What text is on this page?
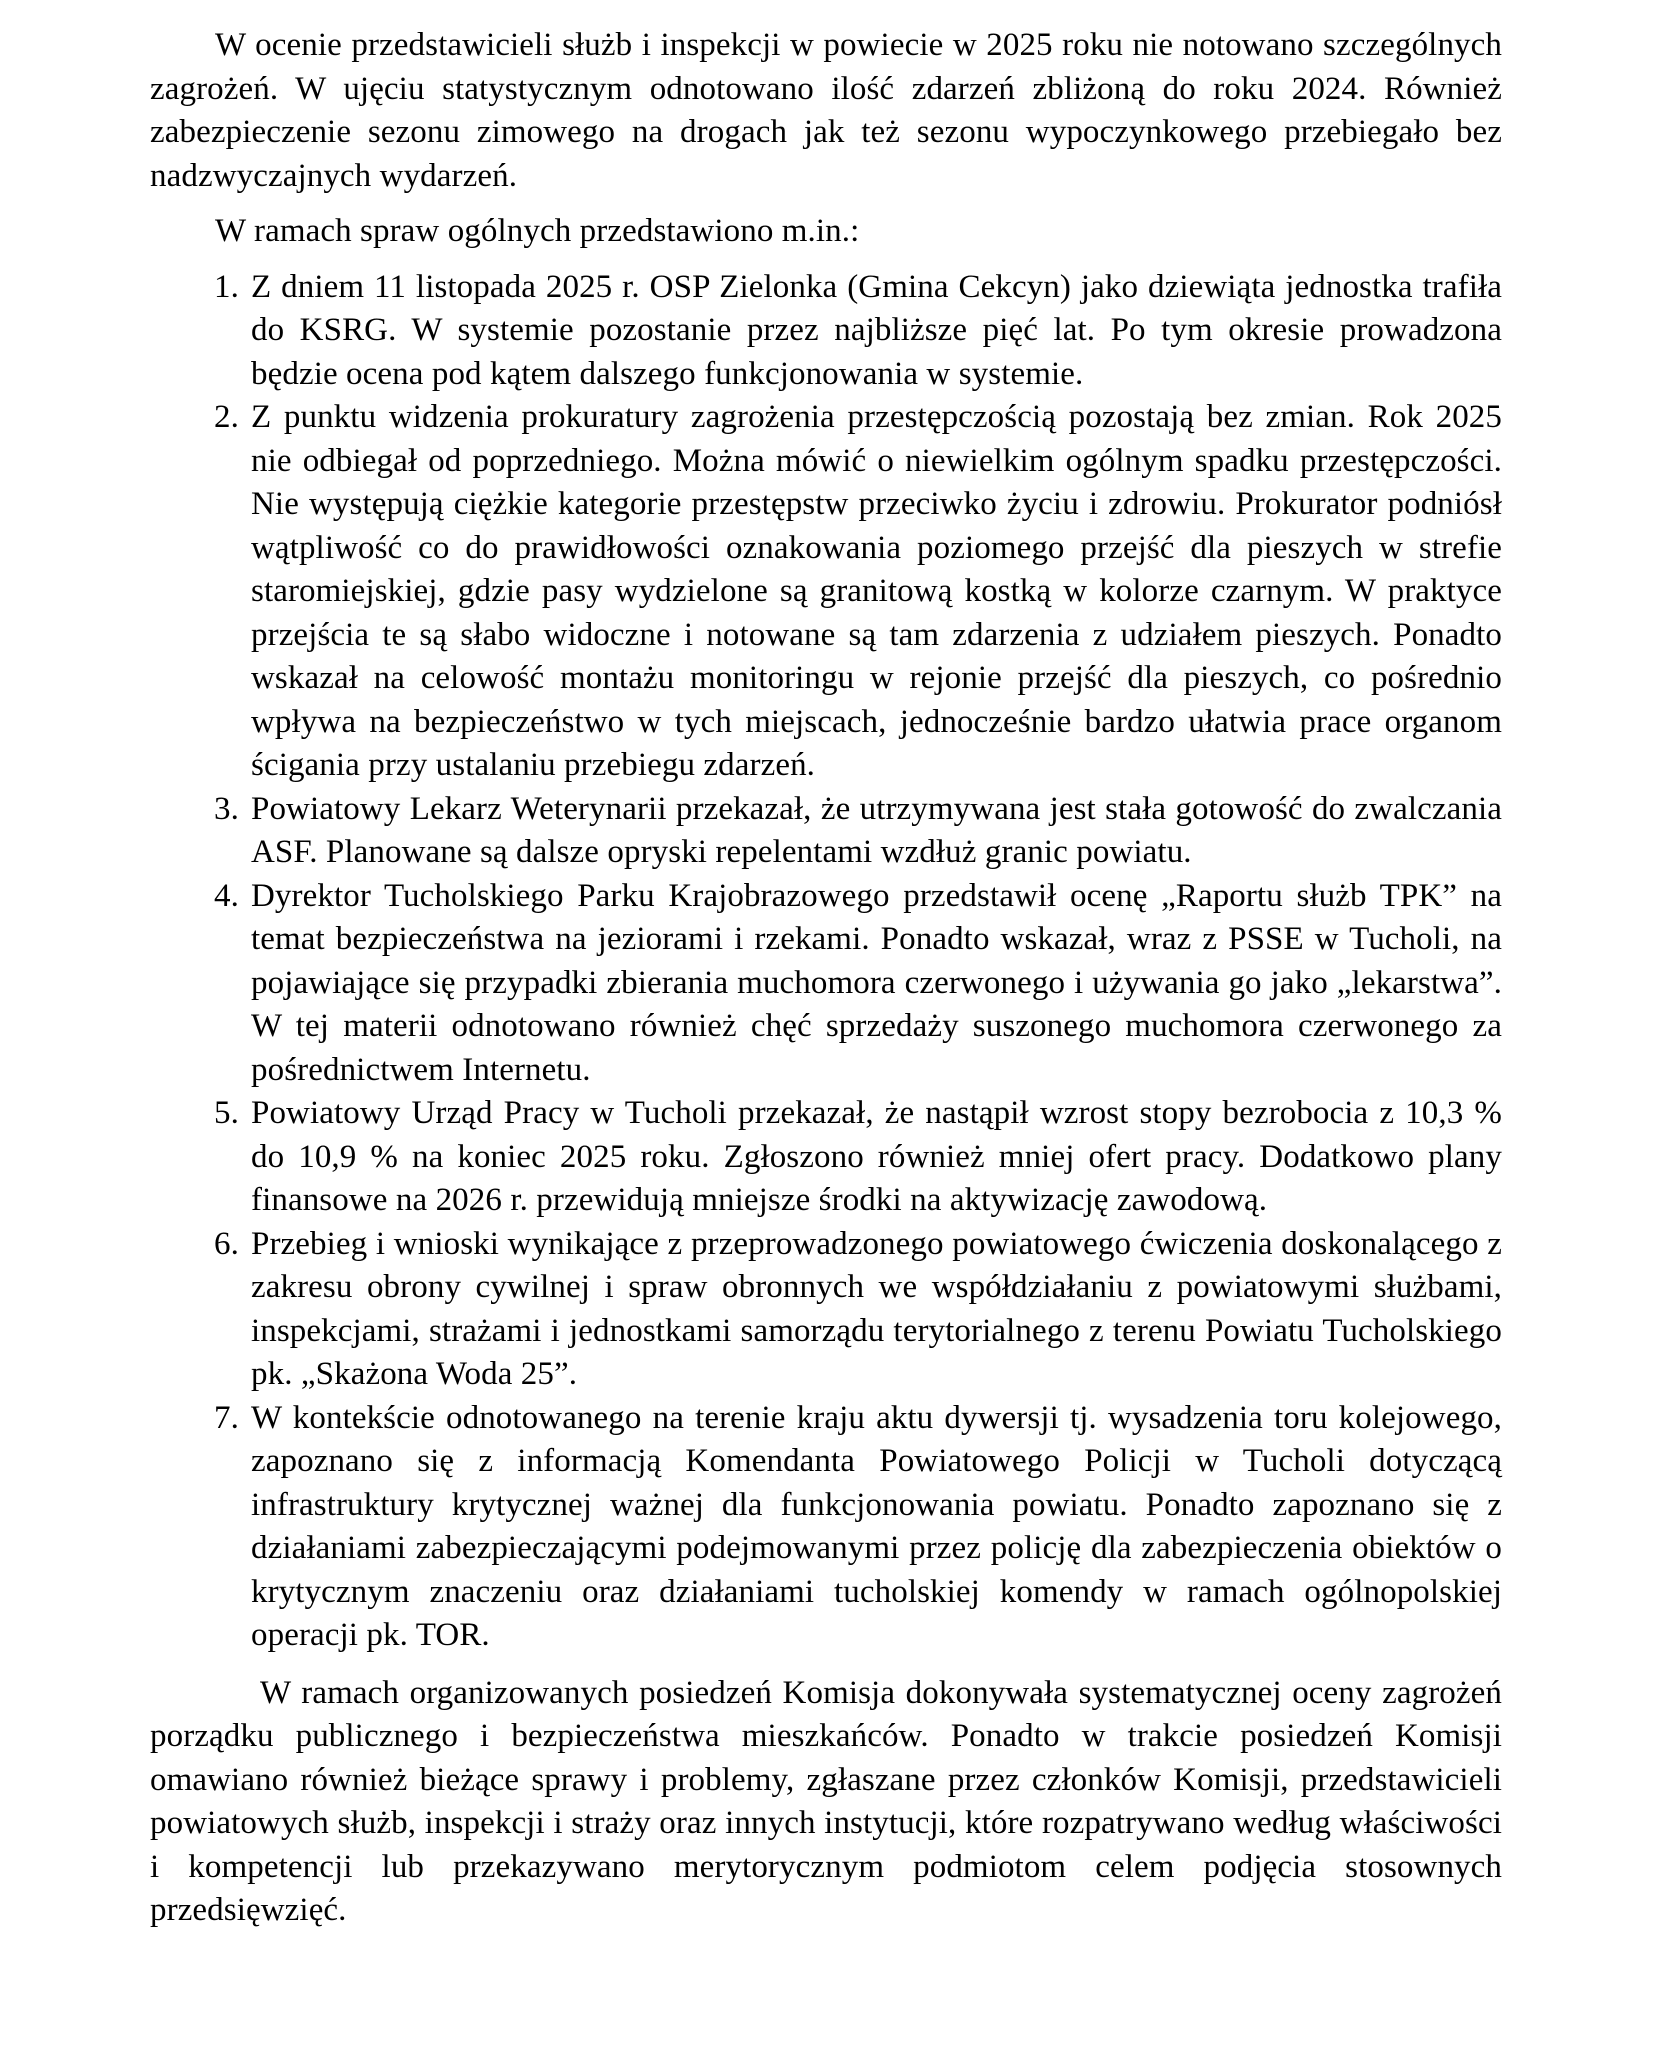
W ocenie przedstawicieli służb i inspekcji w powiecie w 2025 roku nie notowano szczególnych zagrożeń. W ujęciu statystycznym odnotowano ilość zdarzeń zbliżoną do roku 2024. Również zabezpieczenie sezonu zimowego na drogach jak też sezonu wypoczynkowego przebiegało bez nadzwyczajnych wydarzeń.

W ramach spraw ogólnych przedstawiono m.in.:

1. Z dniem 11 listopada 2025 r. OSP Zielonka (Gmina Cekcyn) jako dziewiąta jednostka trafiła do KSRG. W systemie pozostanie przez najbliższe pięć lat. Po tym okresie prowadzona będzie ocena pod kątem dalszego funkcjonowania w systemie.
2. Z punktu widzenia prokuratury zagrożenia przestępczością pozostają bez zmian. Rok 2025 nie odbiegał od poprzedniego. Można mówić o niewielkim ogólnym spadku przestępczości. Nie występują ciężkie kategorie przestępstw przeciwko życiu i zdrowiu. Prokurator podniósł wątpliwość co do prawidłowości oznakowania poziomego przejść dla pieszych w strefie staromiejskiej, gdzie pasy wydzielone są granitową kostką w kolorze czarnym. W praktyce przejścia te są słabo widoczne i notowane są tam zdarzenia z udziałem pieszych. Ponadto wskazał na celowość montażu monitoringu w rejonie przejść dla pieszych, co pośrednio wpływa na bezpieczeństwo w tych miejscach, jednocześnie bardzo ułatwia prace organom ścigania przy ustalaniu przebiegu zdarzeń.
3. Powiatowy Lekarz Weterynarii przekazał, że utrzymywana jest stała gotowość do zwalczania ASF. Planowane są dalsze opryski repelentami wzdłuż granic powiatu.
4. Dyrektor Tucholskiego Parku Krajobrazowego przedstawił ocenę „Raportu służb TPK” na temat bezpieczeństwa na jeziorami i rzekami. Ponadto wskazał, wraz z PSSE w Tucholi, na pojawiające się przypadki zbierania muchomora czerwonego i używania go jako „lekarstwa”. W tej materii odnotowano również chęć sprzedaży suszonego muchomora czerwonego za pośrednictwem Internetu.
5. Powiatowy Urząd Pracy w Tucholi przekazał, że nastąpił wzrost stopy bezrobocia z 10,3 % do 10,9 % na koniec 2025 roku. Zgłoszono również mniej ofert pracy. Dodatkowo plany finansowe na 2026 r. przewidują mniejsze środki na aktywizację zawodową.
6. Przebieg i wnioski wynikające z przeprowadzonego powiatowego ćwiczenia doskonalącego z zakresu obrony cywilnej i spraw obronnych we współdziałaniu z powiatowymi służbami, inspekcjami, strażami i jednostkami samorządu terytorialnego z terenu Powiatu Tucholskiego pk. „Skażona Woda 25”.
7. W kontekście odnotowanego na terenie kraju aktu dywersji tj. wysadzenia toru kolejowego, zapoznano się z informacją Komendanta Powiatowego Policji w Tucholi dotyczącą infrastruktury krytycznej ważnej dla funkcjonowania powiatu. Ponadto zapoznano się z działaniami zabezpieczającymi podejmowanymi przez policję dla zabezpieczenia obiektów o krytycznym znaczeniu oraz działaniami tucholskiej komendy w ramach ogólnopolskiej operacji pk. TOR.

W ramach organizowanych posiedzeń Komisja dokonywała systematycznej oceny zagrożeń porządku publicznego i bezpieczeństwa mieszkańców. Ponadto w trakcie posiedzeń Komisji omawiano również bieżące sprawy i problemy, zgłaszane przez członków Komisji, przedstawicieli powiatowych służb, inspekcji i straży oraz innych instytucji, które rozpatrywano według właściwości i kompetencji lub przekazywano merytorycznym podmiotom celem podjęcia stosownych przedsięwzięć.
